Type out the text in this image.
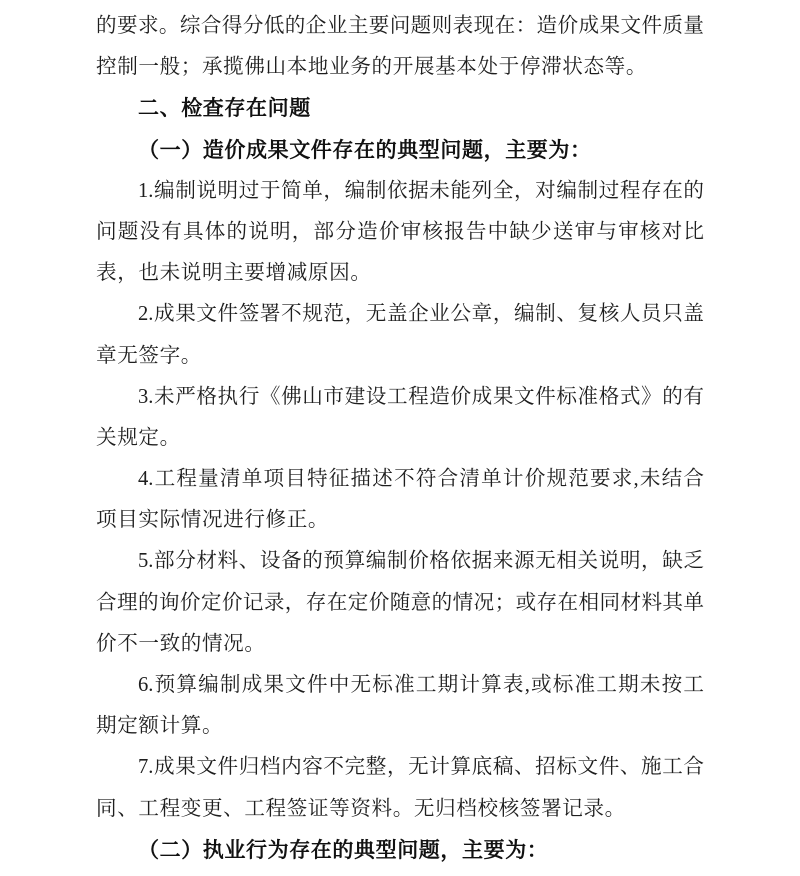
的要求。综合得分低的企业主要问题则表现在：造价成果文件质量
控制一般；承揽佛山本地业务的开展基本处于停滞状态等。
二、检查存在问题
（一）造价成果文件存在的典型问题，主要为：
1.编制说明过于简单，编制依据未能列全，对编制过程存在的
问题没有具体的说明，部分造价审核报告中缺少送审与审核对比
表，也未说明主要增减原因。
2.成果文件签署不规范，无盖企业公章，编制、复核人员只盖
章无签字。
3.未严格执行《佛山市建设工程造价成果文件标准格式》的有
关规定。
4.工程量清单项目特征描述不符合清单计价规范要求,未结合
项目实际情况进行修正。
5.部分材料、设备的预算编制价格依据来源无相关说明，缺乏
合理的询价定价记录，存在定价随意的情况；或存在相同材料其单
价不一致的情况。
6.预算编制成果文件中无标准工期计算表,或标准工期未按工
期定额计算。
7.成果文件归档内容不完整，无计算底稿、招标文件、施工合
同、工程变更、工程签证等资料。无归档校核签署记录。
（二）执业行为存在的典型问题，主要为：
